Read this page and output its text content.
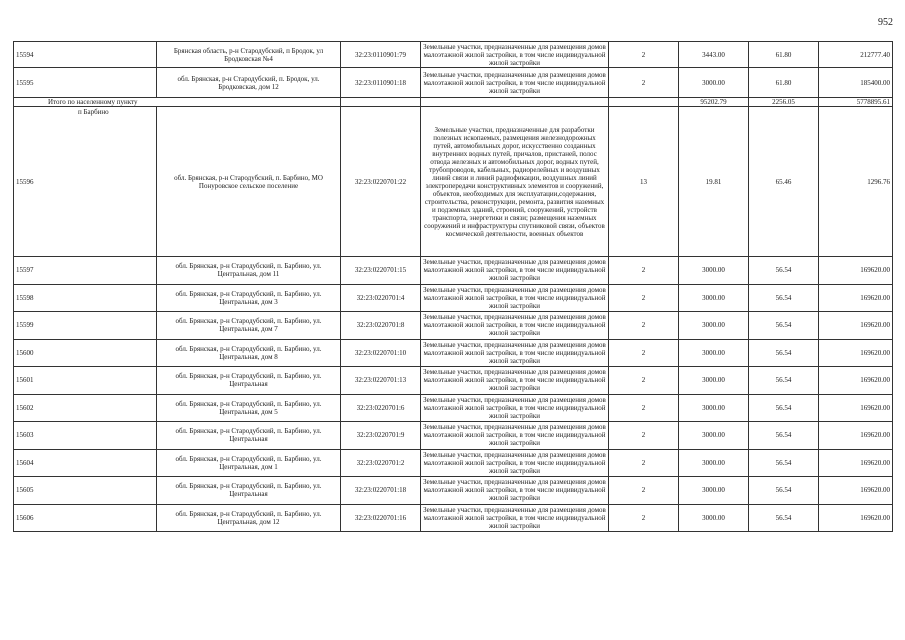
952
15594	Брянская область, р-н Стародубский, п Бродок, ул Бродковская №4	32:23:0110901:79	Земельные участки, предназначенные для размещения домов малоэтажной жилой застройки, в том числе индивидуальной жилой застройки	2	3443.00	61.80	212777.40
15595	обл. Брянская, р-н Стародубский, п. Бродок, ул. Бродковская, дом 12	32:23:0110901:18	Земельные участки, предназначенные для размещения домов малоэтажной жилой застройки, в том числе индивидуальной жилой застройки	2	3000.00	61.80	185400.00
Итого по населенному пункту					95202.79	2256.05	5778895.61

п Барбино
15596	обл. Брянская, р-н Стародубский, п. Барбино, МО Понуровское сельское поселение	32:23:0220701:22	Земельные участки, предназначенные для разработки полезных ископаемых, размещения железнодорожных путей, автомобильных дорог, искусственно созданных внутренних водных путей, причалов, пристаней, полос отвода железных и автомобильных дорог, водных путей, трубопроводов, кабельных, радиорелейных и воздушных линий связи и линий радиофикации, воздушных линий электропередачи конструктивных элементов и сооружений, объектов, необходимых для эксплуатации,содержания, строительства, реконструкции, ремонта, развития наземных и подземных зданий, строений, сооружений, устройств транспорта, энергетики и связи; размещения наземных сооружений и инфраструктуры спутниковой связи, объектов космической деятельности, военных объектов	13	19.81	65.46	1296.76
15597	обл. Брянская, р-н Стародубский, п. Барбино, ул. Центральная, дом 11	32:23:0220701:15	Земельные участки, предназначенные для размещения домов малоэтажной жилой застройки, в том числе индивидуальной жилой застройки	2	3000.00	56.54	169620.00
15598	обл. Брянская, р-н Стародубский, п. Барбино, ул. Центральная, дом 3	32:23:0220701:4	Земельные участки, предназначенные для размещения домов малоэтажной жилой застройки, в том числе индивидуальной жилой застройки	2	3000.00	56.54	169620.00
15599	обл. Брянская, р-н Стародубский, п. Барбино, ул. Центральная, дом 7	32:23:0220701:8	Земельные участки, предназначенные для размещения домов малоэтажной жилой застройки, в том числе индивидуальной жилой застройки	2	3000.00	56.54	169620.00
15600	обл. Брянская, р-н Стародубский, п. Барбино, ул. Центральная, дом 8	32:23:0220701:10	Земельные участки, предназначенные для размещения домов малоэтажной жилой застройки, в том числе индивидуальной жилой застройки	2	3000.00	56.54	169620.00
15601	обл. Брянская, р-н Стародубский, п. Барбино, ул. Центральная	32:23:0220701:13	Земельные участки, предназначенные для размещения домов малоэтажной жилой застройки, в том числе индивидуальной жилой застройки	2	3000.00	56.54	169620.00
15602	обл. Брянская, р-н Стародубский, п. Барбино, ул. Центральная, дом 5	32:23:0220701:6	Земельные участки, предназначенные для размещения домов малоэтажной жилой застройки, в том числе индивидуальной жилой застройки	2	3000.00	56.54	169620.00
15603	обл. Брянская, р-н Стародубский, п. Барбино, ул. Центральная	32:23:0220701:9	Земельные участки, предназначенные для размещения домов малоэтажной жилой застройки, в том числе индивидуальной жилой застройки	2	3000.00	56.54	169620.00
15604	обл. Брянская, р-н Стародубский, п. Барбино, ул. Центральная, дом 1	32:23:0220701:2	Земельные участки, предназначенные для размещения домов малоэтажной жилой застройки, в том числе индивидуальной жилой застройки	2	3000.00	56.54	169620.00
15605	обл. Брянская, р-н Стародубский, п. Барбино, ул. Центральная	32:23:0220701:18	Земельные участки, предназначенные для размещения домов малоэтажной жилой застройки, в том числе индивидуальной жилой застройки	2	3000.00	56.54	169620.00
15606	обл. Брянская, р-н Стародубский, п. Барбино, ул. Центральная, дом 12	32:23:0220701:16	Земельные участки, предназначенные для размещения домов малоэтажной жилой застройки, в том числе индивидуальной жилой застройки	2	3000.00	56.54	169620.00
